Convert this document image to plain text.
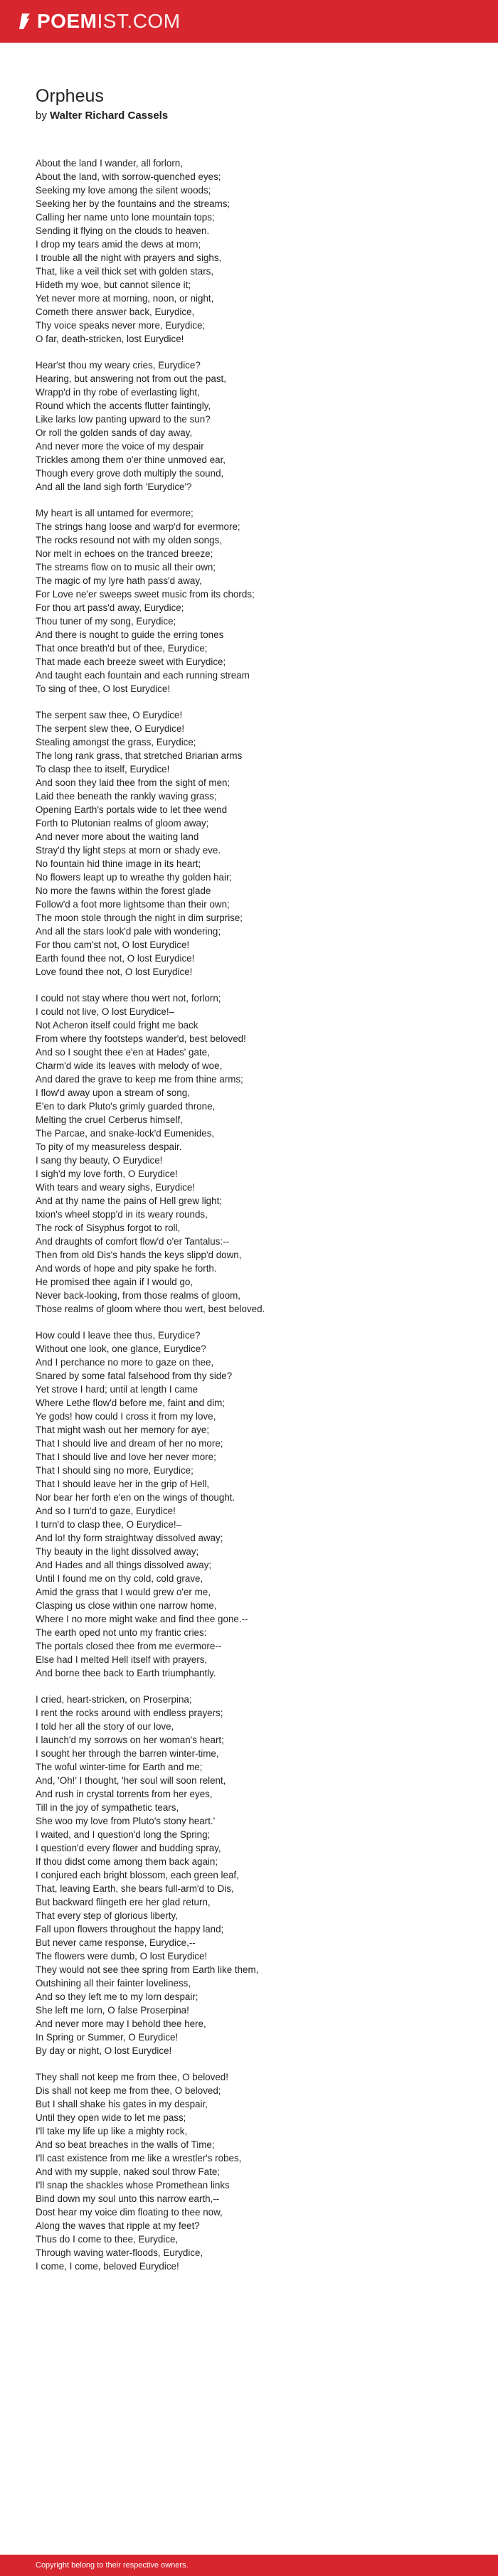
POEM IST.COM
Orpheus
by Walter Richard Cassels
About the land I wander, all forlorn,
About the land, with sorrow-quenched eyes;
Seeking my love among the silent woods;
Seeking her by the fountains and the streams;
Calling her name unto lone mountain tops;
Sending it flying on the clouds to heaven.
I drop my tears amid the dews at morn;
I trouble all the night with prayers and sighs,
That, like a veil thick set with golden stars,
Hideth my woe, but cannot silence it;
Yet never more at morning, noon, or night,
Cometh there answer back, Eurydice,
Thy voice speaks never more, Eurydice;
O far, death-stricken, lost Eurydice!
Hear'st thou my weary cries, Eurydice?
Hearing, but answering not from out the past,
Wrapp'd in thy robe of everlasting light,
Round which the accents flutter faintingly,
Like larks low panting upward to the sun?
Or roll the golden sands of day away,
And never more the voice of my despair
Trickles among them o'er thine unmoved ear,
Though every grove doth multiply the sound,
And all the land sigh forth 'Eurydice'?
My heart is all untamed for evermore;
The strings hang loose and warp'd for evermore;
The rocks resound not with my olden songs,
Nor melt in echoes on the tranced breeze;
The streams flow on to music all their own;
The magic of my lyre hath pass'd away,
For Love ne'er sweeps sweet music from its chords;
For thou art pass'd away, Eurydice;
Thou tuner of my song, Eurydice;
And there is nought to guide the erring tones
That once breath'd but of thee, Eurydice;
That made each breeze sweet with Eurydice;
And taught each fountain and each running stream
To sing of thee, O lost Eurydice!
The serpent saw thee, O Eurydice!
The serpent slew thee, O Eurydice!
Stealing amongst the grass, Eurydice;
The long rank grass, that stretched Briarian arms
To clasp thee to itself, Eurydice!
And soon they laid thee from the sight of men;
Laid thee beneath the rankly waving grass;
Opening Earth's portals wide to let thee wend
Forth to Plutonian realms of gloom away;
And never more about the waiting land
Stray'd thy light steps at morn or shady eve.
No fountain hid thine image in its heart;
No flowers leapt up to wreathe thy golden hair;
No more the fawns within the forest glade
Follow'd a foot more lightsome than their own;
The moon stole through the night in dim surprise;
And all the stars look'd pale with wondering;
For thou cam'st not, O lost Eurydice!
Earth found thee not, O lost Eurydice!
Love found thee not, O lost Eurydice!
I could not stay where thou wert not, forlorn;
I could not live, O lost Eurydice!–
Not Acheron itself could fright me back
From where thy footsteps wander'd, best beloved!
And so I sought thee e'en at Hades' gate,
Charm'd wide its leaves with melody of woe,
And dared the grave to keep me from thine arms;
I flow'd away upon a stream of song,
E'en to dark Pluto's grimly guarded throne,
Melting the cruel Cerberus himself,
The Parcae, and snake-lock'd Eumenides,
To pity of my measureless despair.
I sang thy beauty, O Eurydice!
I sigh'd my love forth, O Eurydice!
With tears and weary sighs, Eurydice!
And at thy name the pains of Hell grew light;
Ixion's wheel stopp'd in its weary rounds,
The rock of Sisyphus forgot to roll,
And draughts of comfort flow'd o'er Tantalus:--
Then from old Dis's hands the keys slipp'd down,
And words of hope and pity spake he forth.
He promised thee again if I would go,
Never back-looking, from those realms of gloom,
Those realms of gloom where thou wert, best beloved.
How could I leave thee thus, Eurydice?
Without one look, one glance, Eurydice?
And I perchance no more to gaze on thee,
Snared by some fatal falsehood from thy side?
Yet strove I hard; until at length I came
Where Lethe flow'd before me, faint and dim;
Ye gods! how could I cross it from my love,
That might wash out her memory for aye;
That I should live and dream of her no more;
That I should live and love her never more;
That I should sing no more, Eurydice;
That I should leave her in the grip of Hell,
Nor bear her forth e'en on the wings of thought.
And so I turn'd to gaze, Eurydice!
I turn'd to clasp thee, O Eurydice!–
And lo! thy form straightway dissolved away;
Thy beauty in the light dissolved away;
And Hades and all things dissolved away;
Until I found me on thy cold, cold grave,
Amid the grass that I would grew o'er me,
Clasping us close within one narrow home,
Where I no more might wake and find thee gone.--
The earth oped not unto my frantic cries:
The portals closed thee from me evermore--
Else had I melted Hell itself with prayers,
And borne thee back to Earth triumphantly.
I cried, heart-stricken, on Proserpina;
I rent the rocks around with endless prayers;
I told her all the story of our love,
I launch'd my sorrows on her woman's heart;
I sought her through the barren winter-time,
The woful winter-time for Earth and me;
And, 'Oh!' I thought, 'her soul will soon relent,
And rush in crystal torrents from her eyes,
Till in the joy of sympathetic tears,
She woo my love from Pluto's stony heart.'
I waited, and I question'd long the Spring;
I question'd every flower and budding spray,
If thou didst come among them back again;
I conjured each bright blossom, each green leaf,
That, leaving Earth, she bears full-arm'd to Dis,
But backward flingeth ere her glad return,
That every step of glorious liberty,
Fall upon flowers throughout the happy land;
But never came response, Eurydice,--
The flowers were dumb, O lost Eurydice!
They would not see thee spring from Earth like them,
Outshining all their fainter loveliness,
And so they left me to my lorn despair;
She left me lorn, O false Proserpina!
And never more may I behold thee here,
In Spring or Summer, O Eurydice!
By day or night, O lost Eurydice!
They shall not keep me from thee, O beloved!
Dis shall not keep me from thee, O beloved;
But I shall shake his gates in my despair,
Until they open wide to let me pass;
I'll take my life up like a mighty rock,
And so beat breaches in the walls of Time;
I'll cast existence from me like a wrestler's robes,
And with my supple, naked soul throw Fate;
I'll snap the shackles whose Promethean links
Bind down my soul unto this narrow earth,--
Dost hear my voice dim floating to thee now,
Along the waves that ripple at my feet?
Thus do I come to thee, Eurydice,
Through waving water-floods, Eurydice,
I come, I come, beloved Eurydice!
Copyright belong to their respective owners.
